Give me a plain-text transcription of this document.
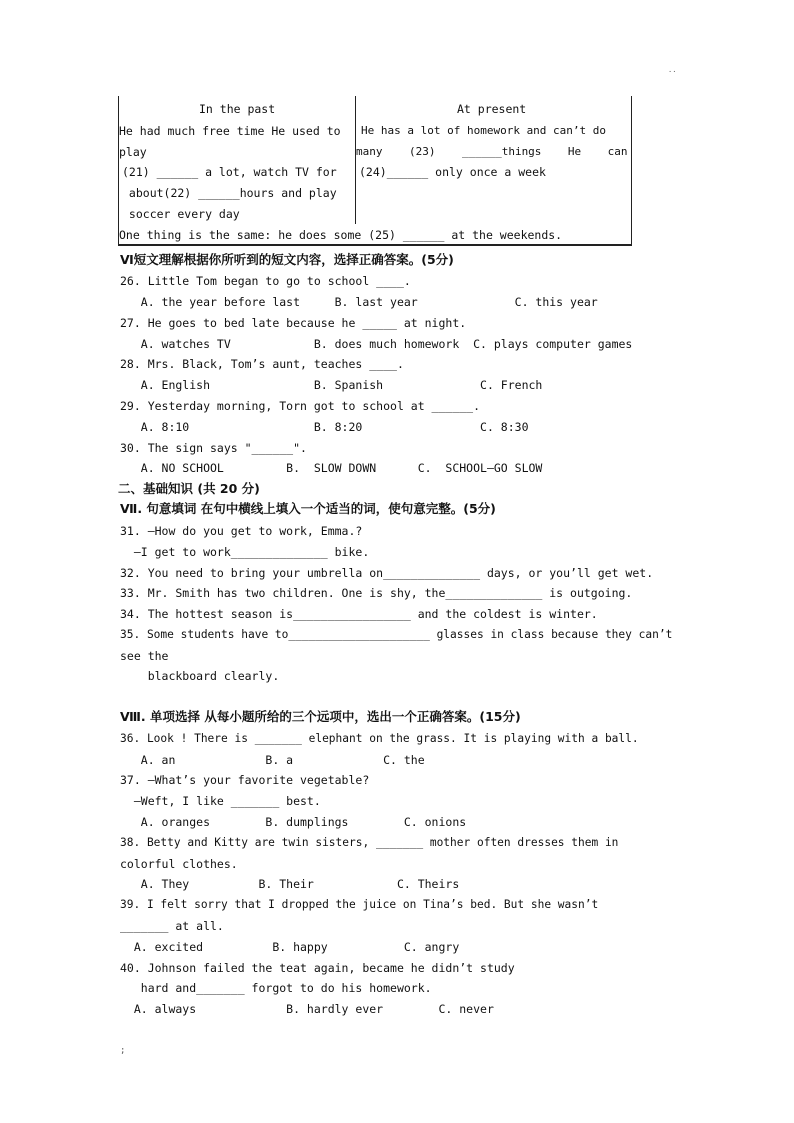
..
In the past	At present
He had much free time He used to
play
(21) ______ a lot, watch TV for
about(22) ______hours and play
soccer every day
He has a lot of homework and can’t do
many    (23)    ______things    He    can
(24)______ only once a week
One thing is the same: he does some (25) ______ at the weekends.
Ⅵ短文理解根据你所听到的短文内容，选择正确答案。(5分)
26. Little Tom began to go to school ____.
A. the year before last     B. last year              C. this year
27. He goes to bed late because he _____ at night.
A. watches TV            B. does much homework  C. plays computer games
28. Mrs. Black, Tom’s aunt, teaches ____.
A. English               B. Spanish              C. French
29. Yesterday morning, Torn got to school at ______.
A. 8:10                  B. 8:20                 C. 8:30
30. The sign says "______".
A. NO SCHOOL         B.  SLOW DOWN      C.  SCHOOL—GO SLOW
二、基础知识 (共 20 分)
Ⅶ. 句意填词 在句中横线上填入一个适当的词，使句意完整。(5分)
31. —How do you get to work, Emma.?
—I get to work______________ bike.
32. You need to bring your umbrella on______________ days, or you’ll get wet.
33. Mr. Smith has two children. One is shy, the______________ is outgoing.
34. The hottest season is_________________ and the coldest is winter.
35. Some students have to_____________________ glasses in class because they can’t
see the
blackboard clearly.
Ⅷ. 单项选择 从每小题所给的三个远项中，选出一个正确答案。(15分)
36. Look ! There is _______ elephant on the grass. It is playing with a ball.
A. an             B. a             C. the
37. —What’s your favorite vegetable?
—Weft, I like _______ best.
A. oranges        B. dumplings        C. onions
38. Betty and Kitty are twin sisters, _______ mother often dresses them in
colorful clothes.
A. They          B. Their            C. Theirs
39. I felt sorry that I dropped the juice on Tina’s bed. But she wasn’t
_______ at all.
A. excited          B. happy           C. angry
40. Johnson failed the teat again, became he didn’t study
hard and_______ forgot to do his homework.
A. always             B. hardly ever        C. never
;
